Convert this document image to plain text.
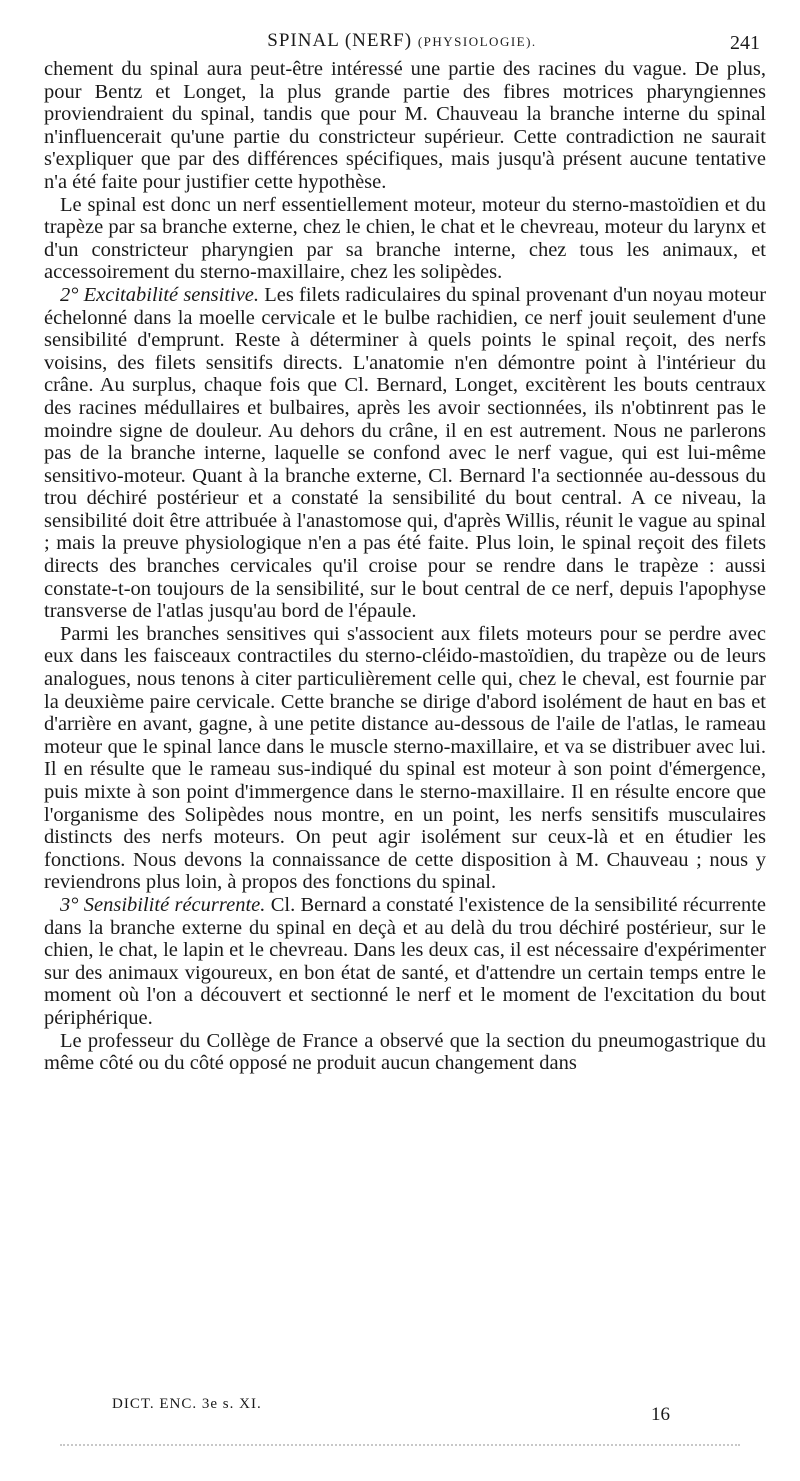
SPINAL (NERF) (PHYSIOLOGIE).	241

chement du spinal aura peut-être intéressé une partie des racines du vague. De plus, pour Bentz et Longet, la plus grande partie des fibres motrices pharyngiennes proviendraient du spinal, tandis que pour M. Chauveau la branche interne du spinal n'influencerait qu'une partie du constricteur supérieur. Cette contradiction ne saurait s'expliquer que par des différences spécifiques, mais jusqu'à présent aucune tentative n'a été faite pour justifier cette hypothèse.

Le spinal est donc un nerf essentiellement moteur, moteur du sterno-mastoïdien et du trapèze par sa branche externe, chez le chien, le chat et le chevreau, moteur du larynx et d'un constricteur pharyngien par sa branche interne, chez tous les animaux, et accessoirement du sterno-maxillaire, chez les solipèdes.

2° Excitabilité sensitive. Les filets radiculaires du spinal provenant d'un noyau moteur échelonné dans la moelle cervicale et le bulbe rachidien, ce nerf jouit seulement d'une sensibilité d'emprunt. Reste à déterminer à quels points le spinal reçoit, des nerfs voisins, des filets sensitifs directs. L'anatomie n'en démontre point à l'intérieur du crâne. Au surplus, chaque fois que Cl. Bernard, Longet, excitèrent les bouts centraux des racines médullaires et bulbaires, après les avoir sectionnées, ils n'obtinrent pas le moindre signe de douleur. Au dehors du crâne, il en est autrement. Nous ne parlerons pas de la branche interne, laquelle se confond avec le nerf vague, qui est lui-même sensitivo-moteur. Quant à la branche externe, Cl. Bernard l'a sectionnée au-dessous du trou déchiré postérieur et a constaté la sensibilité du bout central. A ce niveau, la sensibilité doit être attribuée à l'anastomose qui, d'après Willis, réunit le vague au spinal ; mais la preuve physiologique n'en a pas été faite. Plus loin, le spinal reçoit des filets directs des branches cervicales qu'il croise pour se rendre dans le trapèze : aussi constate-t-on toujours de la sensibilité, sur le bout central de ce nerf, depuis l'apophyse transverse de l'atlas jusqu'au bord de l'épaule.

Parmi les branches sensitives qui s'associent aux filets moteurs pour se perdre avec eux dans les faisceaux contractiles du sterno-cléido-mastoïdien, du trapèze ou de leurs analogues, nous tenons à citer particulièrement celle qui, chez le cheval, est fournie par la deuxième paire cervicale. Cette branche se dirige d'abord isolément de haut en bas et d'arrière en avant, gagne, à une petite distance au-dessous de l'aile de l'atlas, le rameau moteur que le spinal lance dans le muscle sterno-maxillaire, et va se distribuer avec lui. Il en résulte que le rameau sus-indiqué du spinal est moteur à son point d'émergence, puis mixte à son point d'immergence dans le sterno-maxillaire. Il en résulte encore que l'organisme des Solipèdes nous montre, en un point, les nerfs sensitifs musculaires distincts des nerfs moteurs. On peut agir isolément sur ceux-là et en étudier les fonctions. Nous devons la connaissance de cette disposition à M. Chauveau ; nous y reviendrons plus loin, à propos des fonctions du spinal.

3° Sensibilité récurrente. Cl. Bernard a constaté l'existence de la sensibilité récurrente dans la branche externe du spinal en deçà et au delà du trou déchiré postérieur, sur le chien, le chat, le lapin et le chevreau. Dans les deux cas, il est nécessaire d'expérimenter sur des animaux vigoureux, en bon état de santé, et d'attendre un certain temps entre le moment où l'on a découvert et sectionné le nerf et le moment de l'excitation du bout périphérique.

Le professeur du Collège de France a observé que la section du pneumogastrique du même côté ou du côté opposé ne produit aucun changement dans

DICT. ENC. 3e s. XI.	16
